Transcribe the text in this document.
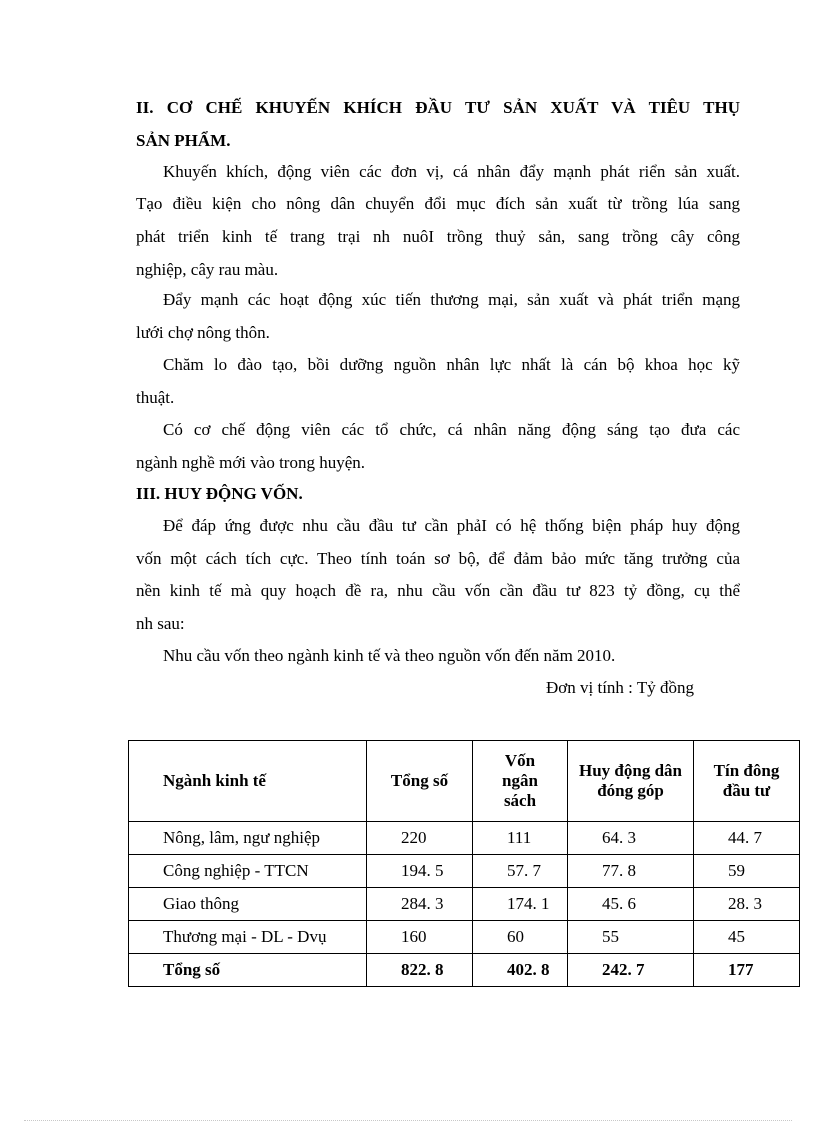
II. CƠ CHẾ KHUYẾN KHÍCH ĐẦU TƯ SẢN XUẤT VÀ TIÊU THỤ

SẢN PHẨM.

Khuyến khích, động viên các đơn vị, cá nhân đẩy mạnh phát riển sản xuất.

Tạo điều kiện cho nông dân chuyển đổi mục đích sản xuất từ trồng lúa sang

phát triển kinh tế trang trại nh nuôI trồng thuỷ sản, sang trồng cây công

nghiệp, cây rau màu.

Đẩy mạnh các hoạt động xúc tiến thương mại, sản xuất và phát triển mạng

lưới chợ nông thôn.

Chăm lo đào tạo, bồi dưỡng nguồn nhân lực nhất là cán bộ khoa học kỹ

thuật.

Có cơ chế động viên các tổ chức, cá nhân năng động sáng tạo đưa các

ngành nghề mới vào trong huyện.

III. HUY ĐỘNG VỐN.

Để đáp ứng được nhu cầu đầu tư cần phảI có hệ thống biện pháp huy động

vốn một cách tích cực. Theo tính toán sơ bộ, để đảm bảo mức tăng trưởng của

nền kinh tế mà quy hoạch đề ra, nhu cầu vốn cần đầu tư 823 tỷ đồng, cụ thể

nh sau:

Nhu cầu vốn theo ngành kinh tế và theo nguồn vốn đến năm 2010.

Đơn vị tính : Tỷ đồng

Ngành kinh tế	Tổng số	Vốn
ngân
sách	Huy động dân
đóng góp	Tín đông
đầu tư
Nông, lâm, ngư nghiệp	220	111	64. 3	44. 7
Công nghiệp - TTCN	194. 5	57. 7	77. 8	59
Giao thông	284. 3	174. 1	45. 6	28. 3
Thương mại - DL - Dvụ	160	60	55	45
Tổng số	822. 8	402. 8	242. 7	177
